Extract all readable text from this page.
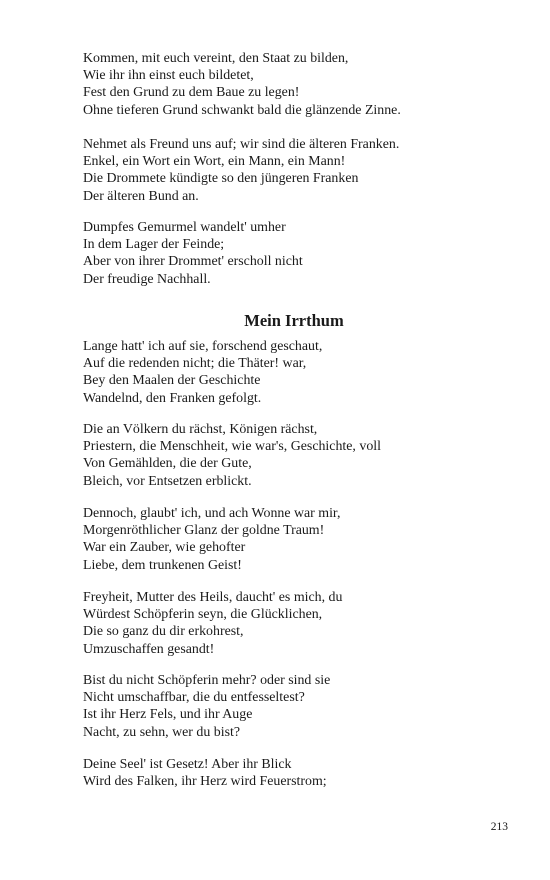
Kommen, mit euch vereint, den Staat zu bilden,
Wie ihr ihn einst euch bildetet,
Fest den Grund zu dem Baue zu legen!
Ohne tieferen Grund schwankt bald die glänzende Zinne.
Nehmet als Freund uns auf; wir sind die älteren Franken.
Enkel, ein Wort ein Wort, ein Mann, ein Mann!
Die Drommete kündigte so den jüngeren Franken
Der älteren Bund an.
Dumpfes Gemurmel wandelt' umher
In dem Lager der Feinde;
Aber von ihrer Drommet' erscholl nicht
Der freudige Nachhall.
Mein Irrthum
Lange hatt' ich auf sie, forschend geschaut,
Auf die redenden nicht; die Thäter! war,
Bey den Maalen der Geschichte
Wandelnd, den Franken gefolgt.
Die an Völkern du rächst, Königen rächst,
Priestern, die Menschheit, wie war's, Geschichte, voll
Von Gemählden, die der Gute,
Bleich, vor Entsetzen erblickt.
Dennoch, glaubt' ich, und ach Wonne war mir,
Morgenröthlicher Glanz der goldne Traum!
War ein Zauber, wie gehofter
Liebe, dem trunkenen Geist!
Freyheit, Mutter des Heils, daucht' es mich, du
Würdest Schöpferin seyn, die Glücklichen,
Die so ganz du dir erkohrest,
Umzuschaffen gesandt!
Bist du nicht Schöpferin mehr? oder sind sie
Nicht umschaffbar, die du entfesseltest?
Ist ihr Herz Fels, und ihr Auge
Nacht, zu sehn, wer du bist?
Deine Seel' ist Gesetz! Aber ihr Blick
Wird des Falken, ihr Herz wird Feuerstrom;
213
